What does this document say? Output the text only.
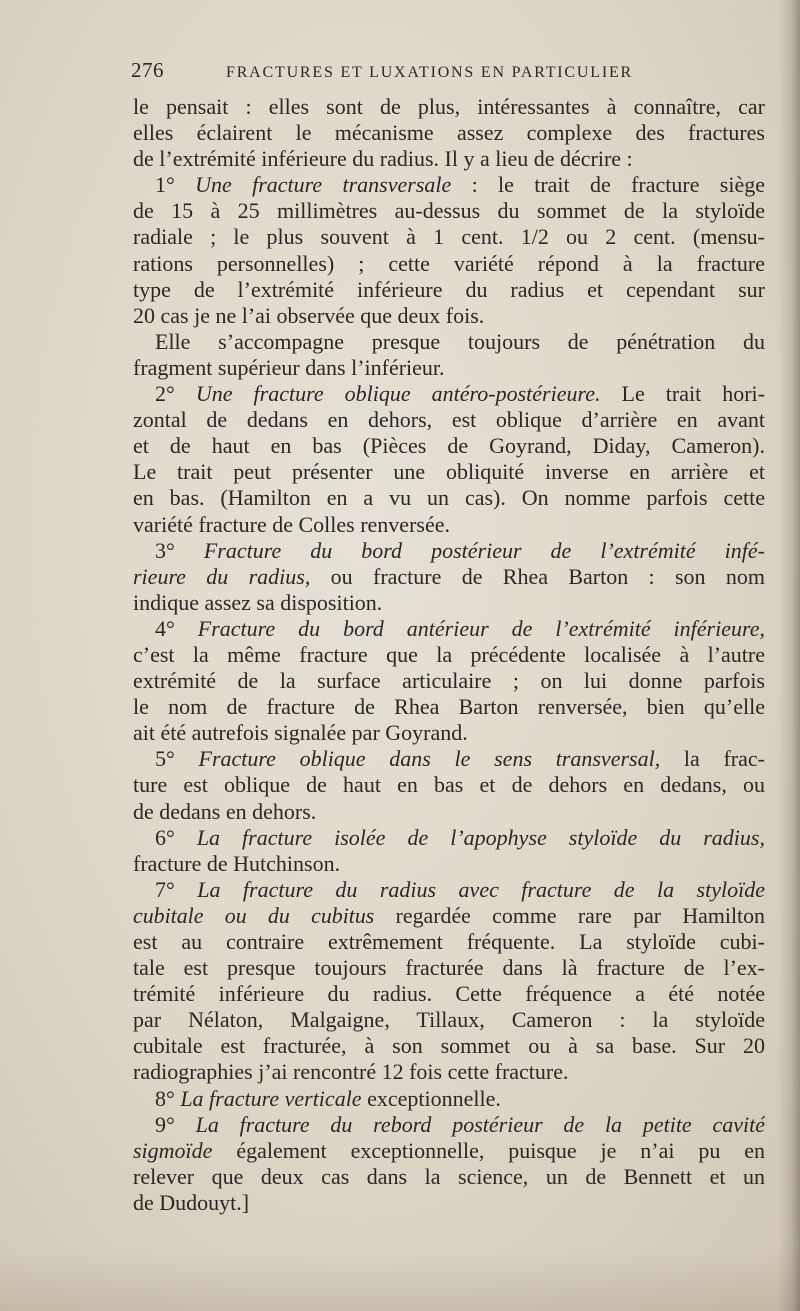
276	FRACTURES ET LUXATIONS EN PARTICULIER
le pensait : elles sont de plus, intéressantes à connaître, car
elles éclairent le mécanisme assez complexe des fractures
de l’extrémité inférieure du radius. Il y a lieu de décrire :
1° Une fracture transversale : le trait de fracture siège
de 15 à 25 millimètres au-dessus du sommet de la styloïde
radiale ; le plus souvent à 1 cent. 1/2 ou 2 cent. (mensu-
rations personnelles) ; cette variété répond à la fracture
type de l’extrémité inférieure du radius et cependant sur
20 cas je ne l’ai observée que deux fois.
Elle s’accompagne presque toujours de pénétration du
fragment supérieur dans l’inférieur.
2° Une fracture oblique antéro-postérieure. Le trait hori-
zontal de dedans en dehors, est oblique d’arrière en avant
et de haut en bas (Pièces de Goyrand, Diday, Cameron).
Le trait peut présenter une obliquité inverse en arrière et
en bas. (Hamilton en a vu un cas). On nomme parfois cette
variété fracture de Colles renversée.
3° Fracture du bord postérieur de l’extrémité infé-
rieure du radius, ou fracture de Rhea Barton : son nom
indique assez sa disposition.
4° Fracture du bord antérieur de l’extrémité inférieure,
c’est la même fracture que la précédente localisée à l’autre
extrémité de la surface articulaire ; on lui donne parfois
le nom de fracture de Rhea Barton renversée, bien qu’elle
ait été autrefois signalée par Goyrand.
5° Fracture oblique dans le sens transversal, la frac-
ture est oblique de haut en bas et de dehors en dedans, ou
de dedans en dehors.
6° La fracture isolée de l’apophyse styloïde du radius,
fracture de Hutchinson.
7° La fracture du radius avec fracture de la styloïde
cubitale ou du cubitus regardée comme rare par Hamilton
est au contraire extrêmement fréquente. La styloïde cubi-
tale est presque toujours fracturée dans là fracture de l’ex-
trémité inférieure du radius. Cette fréquence a été notée
par Nélaton, Malgaigne, Tillaux, Cameron : la styloïde
cubitale est fracturée, à son sommet ou à sa base. Sur 20
radiographies j’ai rencontré 12 fois cette fracture.
8° La fracture verticale exceptionnelle.
9° La fracture du rebord postérieur de la petite cavité
sigmoïde également exceptionnelle, puisque je n’ai pu en
relever que deux cas dans la science, un de Bennett et un
de Dudouyt.]
